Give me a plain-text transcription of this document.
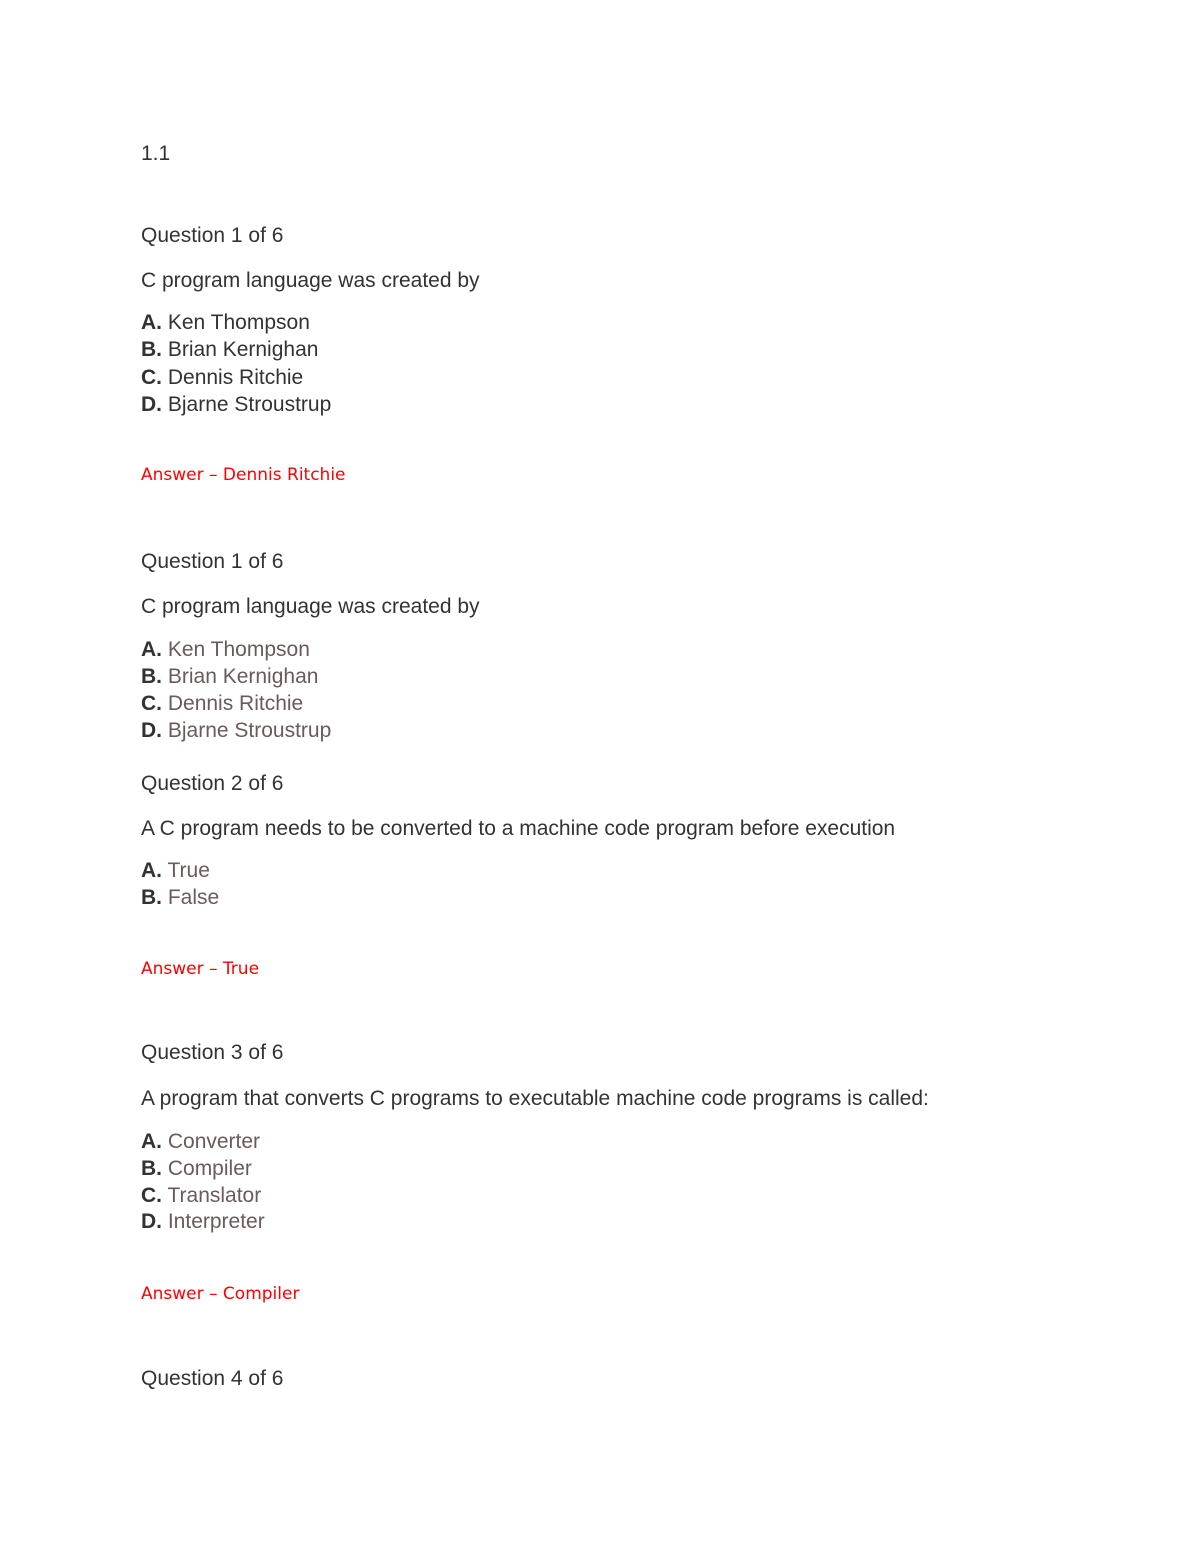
1.1
Question 1 of 6
C program language was created by
A. Ken Thompson
B. Brian Kernighan
C. Dennis Ritchie
D. Bjarne Stroustrup
Answer – Dennis Ritchie
Question 1 of 6
C program language was created by
A. Ken Thompson
B. Brian Kernighan
C. Dennis Ritchie
D. Bjarne Stroustrup
Question 2 of 6
A C program needs to be converted to a machine code program before execution
A. True
B. False
Answer – True
Question 3 of 6
A program that converts C programs to executable machine code programs is called:
A. Converter
B. Compiler
C. Translator
D. Interpreter
Answer – Compiler
Question 4 of 6
